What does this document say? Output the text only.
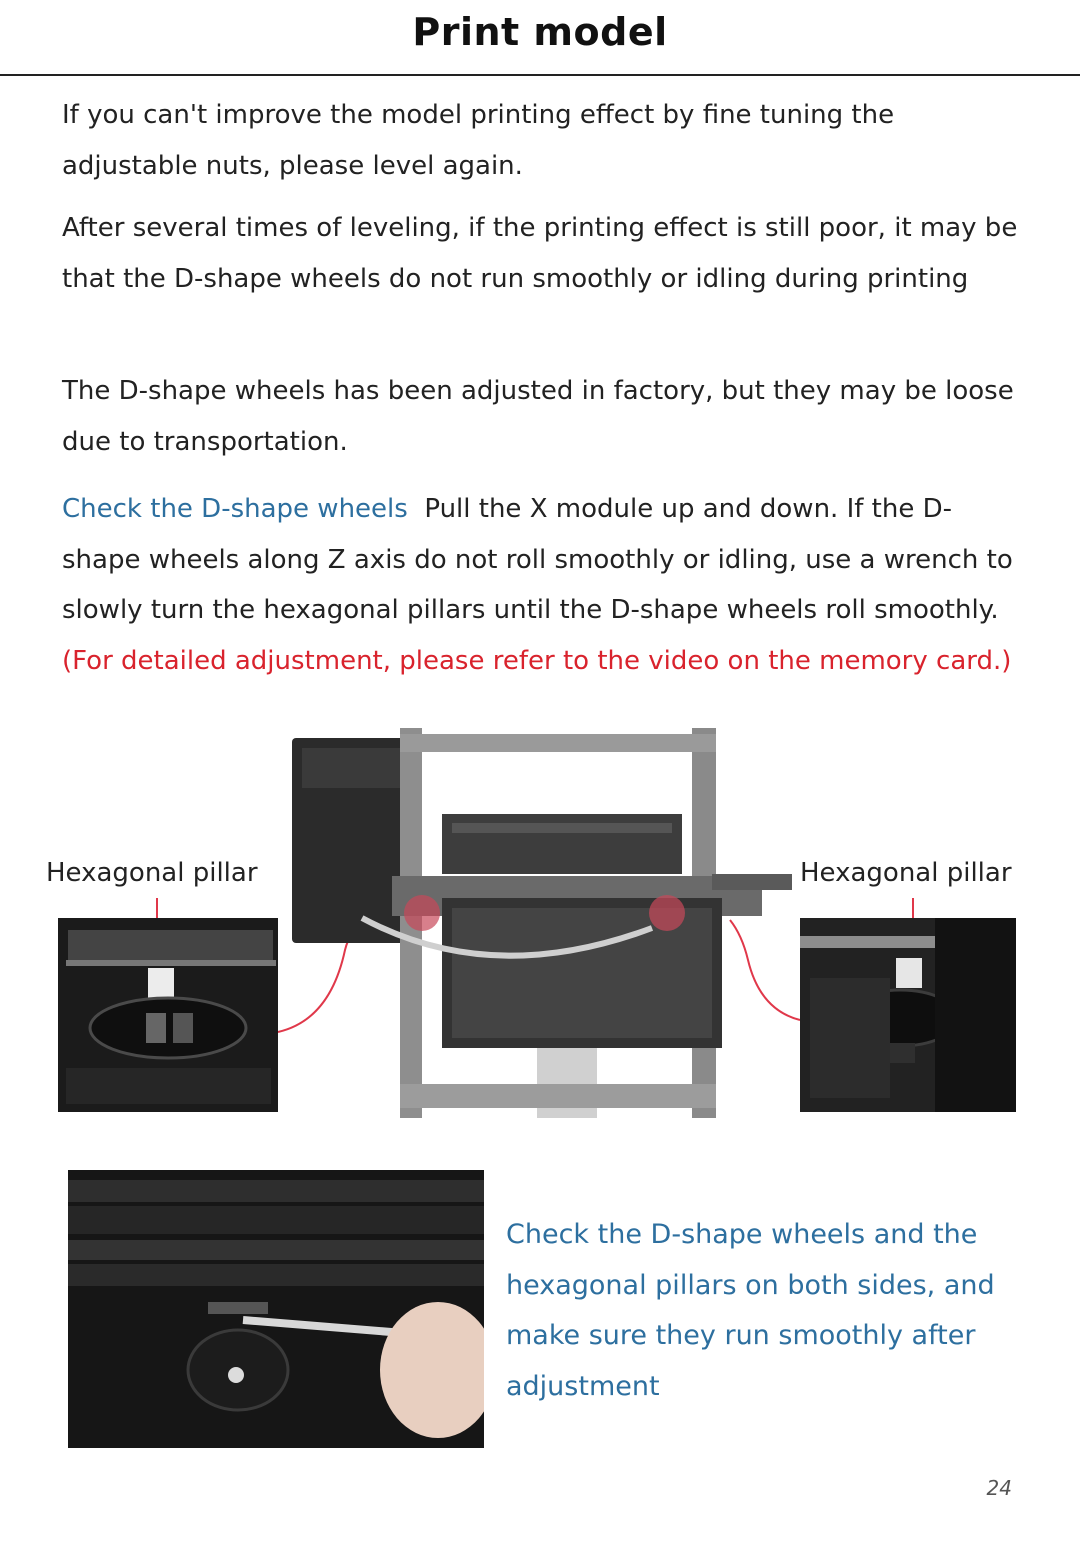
Print model
If you can't improve the model printing effect by fine tuning the adjustable nuts, please level again.
After several times of leveling, if the printing effect is still poor, it may be that the D-shape wheels do not run smoothly or idling during printing
The D-shape wheels has been adjusted in factory, but they may be loose due to transportation.
Check the D-shape wheels Pull the X module up and down. If the D-shape wheels along Z axis do not roll smoothly or idling, use a wrench to slowly turn the hexagonal pillars until the D-shape wheels roll smoothly. (For detailed adjustment, please refer to the video on the memory card.)
Hexagonal pillar	Hexagonal pillar
Check the D-shape wheels and the hexagonal pillars on both sides, and make sure they run smoothly after adjustment
24
